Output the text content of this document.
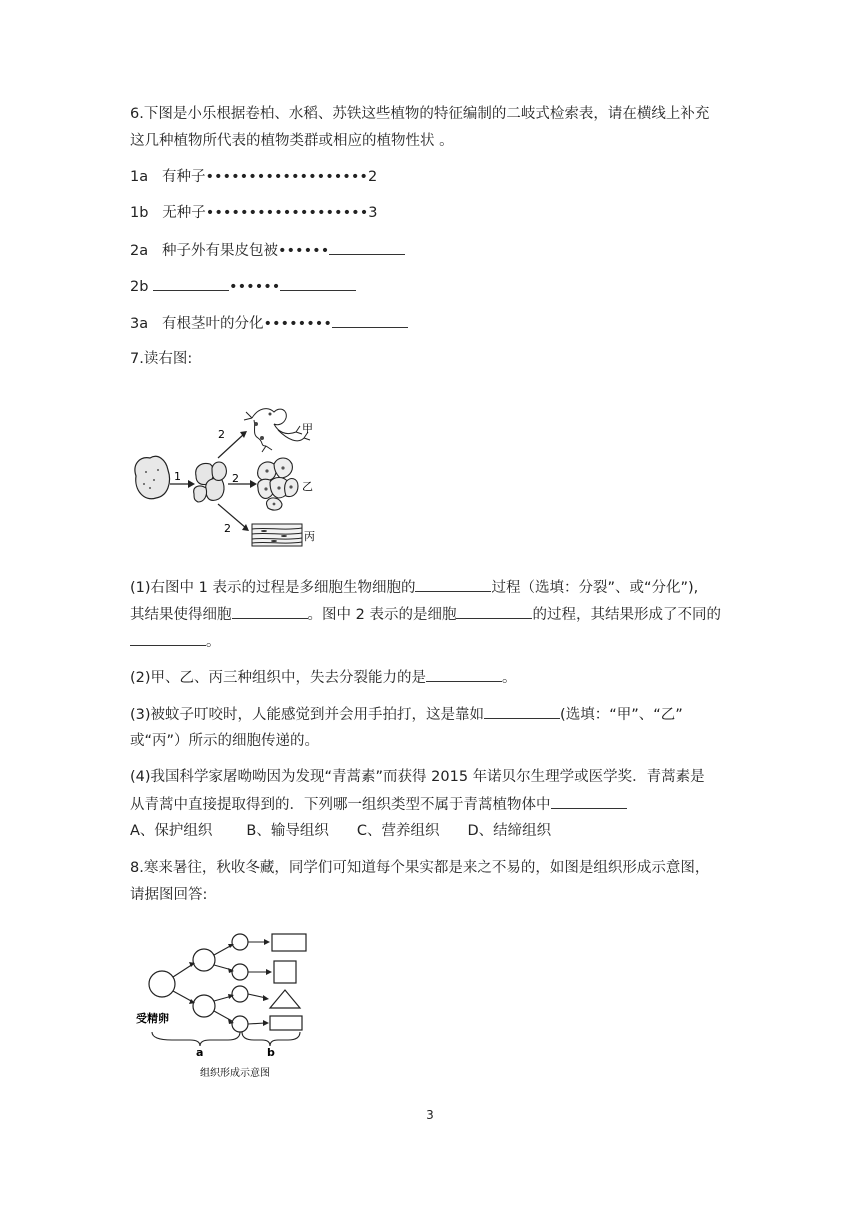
6.下图是小乐根据卷柏、水稻、苏铁这些植物的特征编制的二岐式检索表，请在横线上补充
这几种植物所代表的植物类群或相应的植物性状 。
1a 有种子•••••••••••••••••••2
1b 无种子•••••••••••••••••••3
2a 种子外有果皮包被••••••
2b	••••••
3a 有根茎叶的分化••••••••
7.读右图:
1
2
2
2
甲
乙
丙
(1)右图中 1 表示的过程是多细胞生物细胞的	过程（选填：分裂”、或“分化”),
其结果使得细胞	。图中 2 表示的是细胞	的过程，其结果形成了不同的
。
(2)甲、乙、丙三种组织中，失去分裂能力的是	。
(3)被蚊子叮咬时，人能感觉到并会用手拍打，这是靠如	(选填：“甲”、“乙”
或“丙”）所示的细胞传递的。
(4)我国科学家屠呦呦因为发现“青蒿素”而获得 2015 年诺贝尔生理学或医学奖．青蒿素是
从青蒿中直接提取得到的．下列哪一组织类型不属于青蒿植物体中
A、保护组织 B、输导组织 C、营养组织 D、结缔组织
8.寒来暑往，秋收冬藏，同学们可知道每个果实都是来之不易的，如图是组织形成示意图，
请据图回答:
受精卵
a	b
组织形成示意图
3
